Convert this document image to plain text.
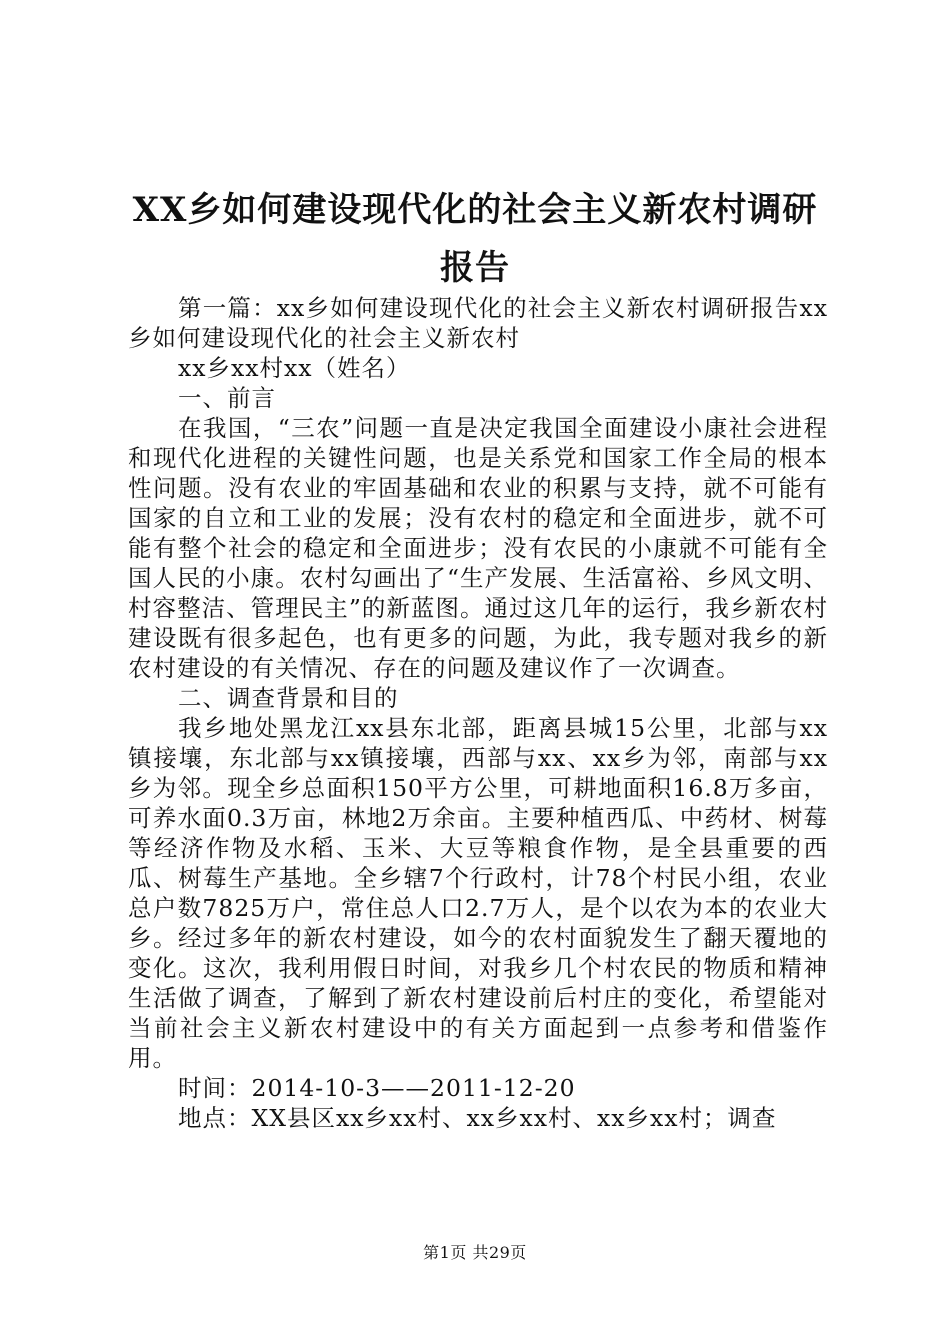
XX乡如何建设现代化的社会主义新农村调研
报告

第一篇：xx乡如何建设现代化的社会主义新农村调研报告xx乡如何建设现代化的社会主义新农村

xx乡xx村xx（姓名）

一、前言

在我国，“三农”问题一直是决定我国全面建设小康社会进程和现代化进程的关键性问题，也是关系党和国家工作全局的根本性问题。没有农业的牢固基础和农业的积累与支持，就不可能有国家的自立和工业的发展；没有农村的稳定和全面进步，就不可能有整个社会的稳定和全面进步；没有农民的小康就不可能有全国人民的小康。农村勾画出了“生产发展、生活富裕、乡风文明、村容整洁、管理民主”的新蓝图。通过这几年的运行，我乡新农村建设既有很多起色，也有更多的问题，为此，我专题对我乡的新农村建设的有关情况、存在的问题及建议作了一次调查。

二、调查背景和目的

我乡地处黑龙江xx县东北部，距离县城15公里，北部与xx镇接壤，东北部与xx镇接壤，西部与xx、xx乡为邻，南部与xx乡为邻。现全乡总面积150平方公里，可耕地面积16.8万多亩，可养水面0.3万亩，林地2万余亩。主要种植西瓜、中药材、树莓等经济作物及水稻、玉米、大豆等粮食作物，是全县重要的西瓜、树莓生产基地。全乡辖7个行政村，计78个村民小组，农业总户数7825万户，常住总人口2.7万人，是个以农为本的农业大乡。经过多年的新农村建设，如今的农村面貌发生了翻天覆地的变化。这次，我利用假日时间，对我乡几个村农民的物质和精神生活做了调查，了解到了新农村建设前后村庄的变化，希望能对当前社会主义新农村建设中的有关方面起到一点参考和借鉴作用。

时间：2014-10-3——2011-12-20

地点：XX县区xx乡xx村、xx乡xx村、xx乡xx村；调查

第1页 共29页
